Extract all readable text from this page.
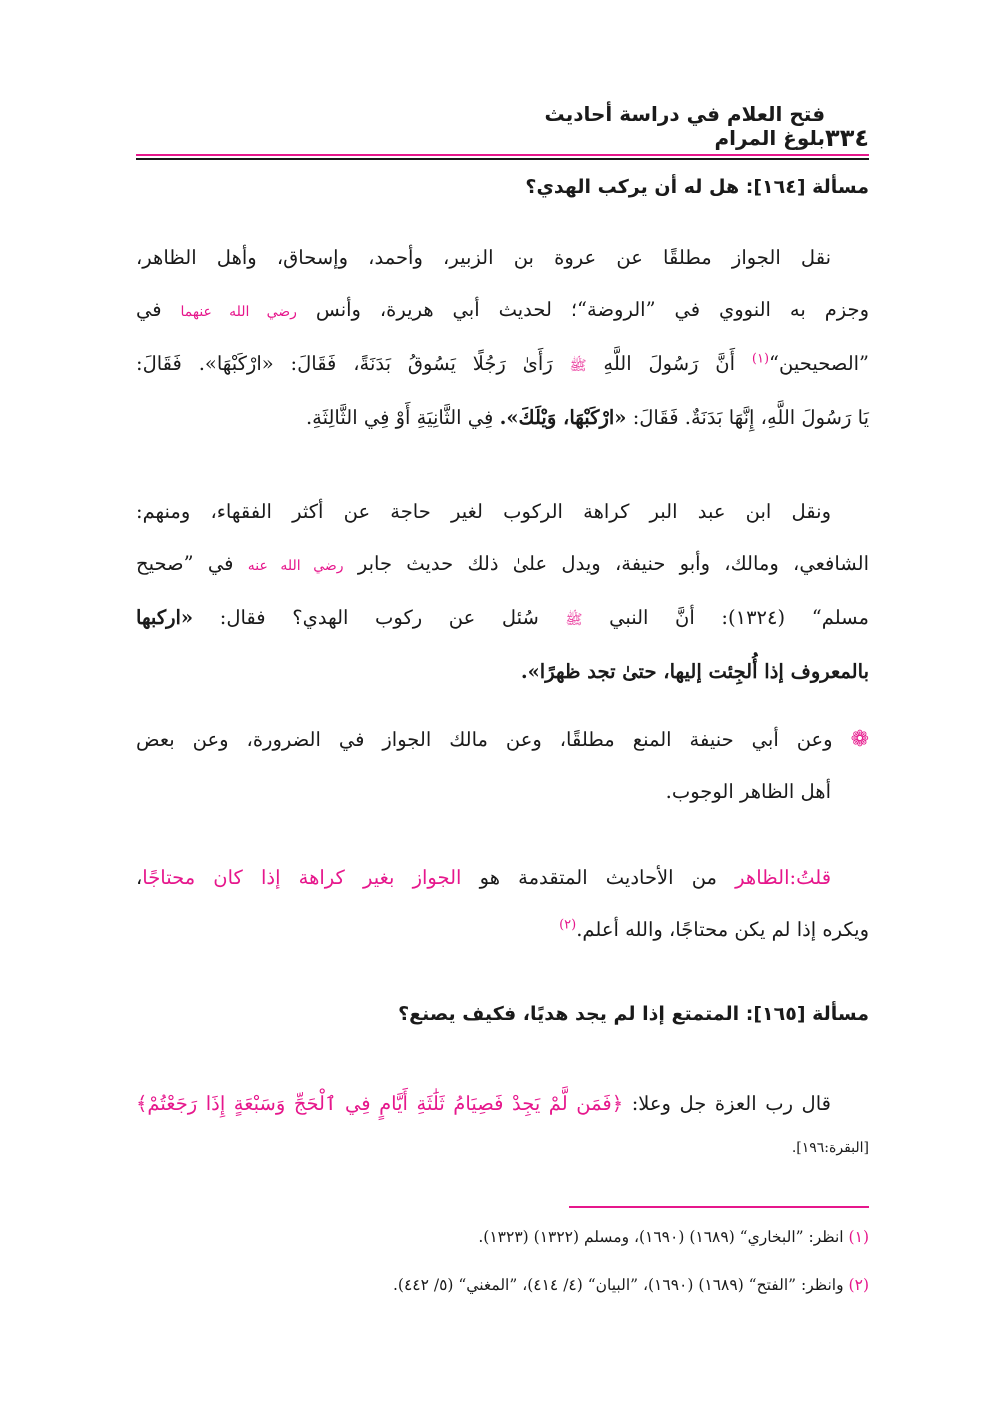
٣٣٤
فتح العلام في دراسة أحاديث بلوغ المرام
مسألة [١٦٤]: هل له أن يركب الهدي؟
نقل الجواز مطلقًا عن عروة بن الزبير، وأحمد، وإسحاق، وأهل الظاهر،
وجزم به النووي في ”الروضة“؛ لحديث أبي هريرة، وأنس رضي الله عنهما في
”الصحيحين“$^{(١)}$ أَنَّ رَسُولَ اللَّهِ ﷺ رَأَىٰ رَجُلًا يَسُوقُ بَدَنَةً، فَقَالَ: «ارْكَبْهَا». فَقَالَ:
يَا رَسُولَ اللَّهِ، إِنَّهَا بَدَنَةٌ. فَقَالَ: «ارْكَبْهَا، وَيْلَكَ». فِي الثَّانِيَةِ أَوْ فِي الثَّالِثَةِ.
ونقل ابن عبد البر كراهة الركوب لغير حاجة عن أكثر الفقهاء، ومنهم:
الشافعي، ومالك، وأبو حنيفة، ويدل علىٰ ذلك حديث جابر رضي الله عنه في ”صحيح
مسلم“ (١٣٢٤): أنَّ النبي ﷺ سُئل عن ركوب الهدي؟ فقال: «اركبها
بالمعروف إذا أُلجِئت إليها، حتىٰ تجد ظهرًا».
❁ وعن أبي حنيفة المنع مطلقًا، وعن مالك الجواز في الضرورة، وعن بعض
أهل الظاهر الوجوب.
قلتُ:الظاهر من الأحاديث المتقدمة هو الجواز بغير كراهة إذا كان محتاجًا،
ويكره إذا لم يكن محتاجًا، والله أعلم.$^{(٢)}$
مسألة [١٦٥]: المتمتع إذا لم يجد هديًا، فكيف يصنع؟
قال رب العزة جل وعلا: ﴿فَمَن لَّمْ يَجِدْ فَصِيَامُ ثَلَٰثَةِ أَيَّامٍ فِي ٱلْحَجِّ وَسَبْعَةٍ إِذَا رَجَعْتُمْ﴾
[البقرة:١٩٦].
(١) انظر: ”البخاري“ (١٦٨٩) (١٦٩٠)، ومسلم (١٣٢٢) (١٣٢٣).
(٢) وانظر: ”الفتح“ (١٦٨٩) (١٦٩٠)، ”البيان“ (٤/ ٤١٤)، ”المغني“ (٥/ ٤٤٢).
